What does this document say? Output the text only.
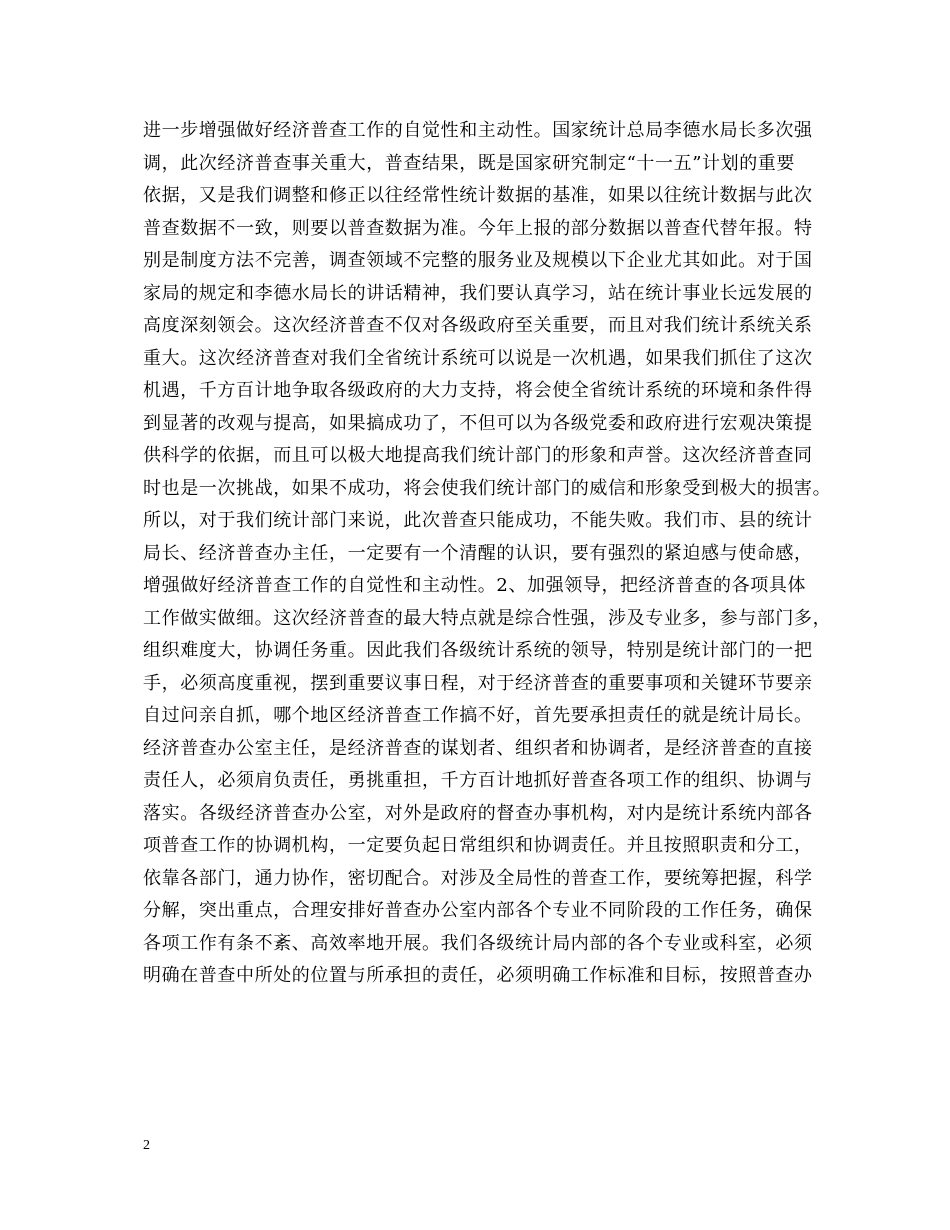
进一步增强做好经济普查工作的自觉性和主动性。国家统计总局李德水局长多次强
调，此次经济普查事关重大，普查结果，既是国家研究制定“十一五”计划的重要
依据，又是我们调整和修正以往经常性统计数据的基准，如果以往统计数据与此次
普查数据不一致，则要以普查数据为准。今年上报的部分数据以普查代替年报。特
别是制度方法不完善，调查领域不完整的服务业及规模以下企业尤其如此。对于国
家局的规定和李德水局长的讲话精神，我们要认真学习，站在统计事业长远发展的
高度深刻领会。这次经济普查不仅对各级政府至关重要，而且对我们统计系统关系
重大。这次经济普查对我们全省统计系统可以说是一次机遇，如果我们抓住了这次
机遇，千方百计地争取各级政府的大力支持，将会使全省统计系统的环境和条件得
到显著的改观与提高，如果搞成功了，不但可以为各级党委和政府进行宏观决策提
供科学的依据，而且可以极大地提高我们统计部门的形象和声誉。这次经济普查同
时也是一次挑战，如果不成功，将会使我们统计部门的威信和形象受到极大的损害。
所以，对于我们统计部门来说，此次普查只能成功，不能失败。我们市、县的统计
局长、经济普查办主任，一定要有一个清醒的认识，要有强烈的紧迫感与使命感，
增强做好经济普查工作的自觉性和主动性。2、加强领导，把经济普查的各项具体
工作做实做细。这次经济普查的最大特点就是综合性强，涉及专业多，参与部门多，
组织难度大，协调任务重。因此我们各级统计系统的领导，特别是统计部门的一把
手，必须高度重视，摆到重要议事日程，对于经济普查的重要事项和关键环节要亲
自过问亲自抓，哪个地区经济普查工作搞不好，首先要承担责任的就是统计局长。
经济普查办公室主任，是经济普查的谋划者、组织者和协调者，是经济普查的直接
责任人，必须肩负责任，勇挑重担，千方百计地抓好普查各项工作的组织、协调与
落实。各级经济普查办公室，对外是政府的督查办事机构，对内是统计系统内部各
项普查工作的协调机构，一定要负起日常组织和协调责任。并且按照职责和分工，
依靠各部门，通力协作，密切配合。对涉及全局性的普查工作，要统筹把握，科学
分解，突出重点，合理安排好普查办公室内部各个专业不同阶段的工作任务，确保
各项工作有条不紊、高效率地开展。我们各级统计局内部的各个专业或科室，必须
明确在普查中所处的位置与所承担的责任，必须明确工作标准和目标，按照普查办
2
